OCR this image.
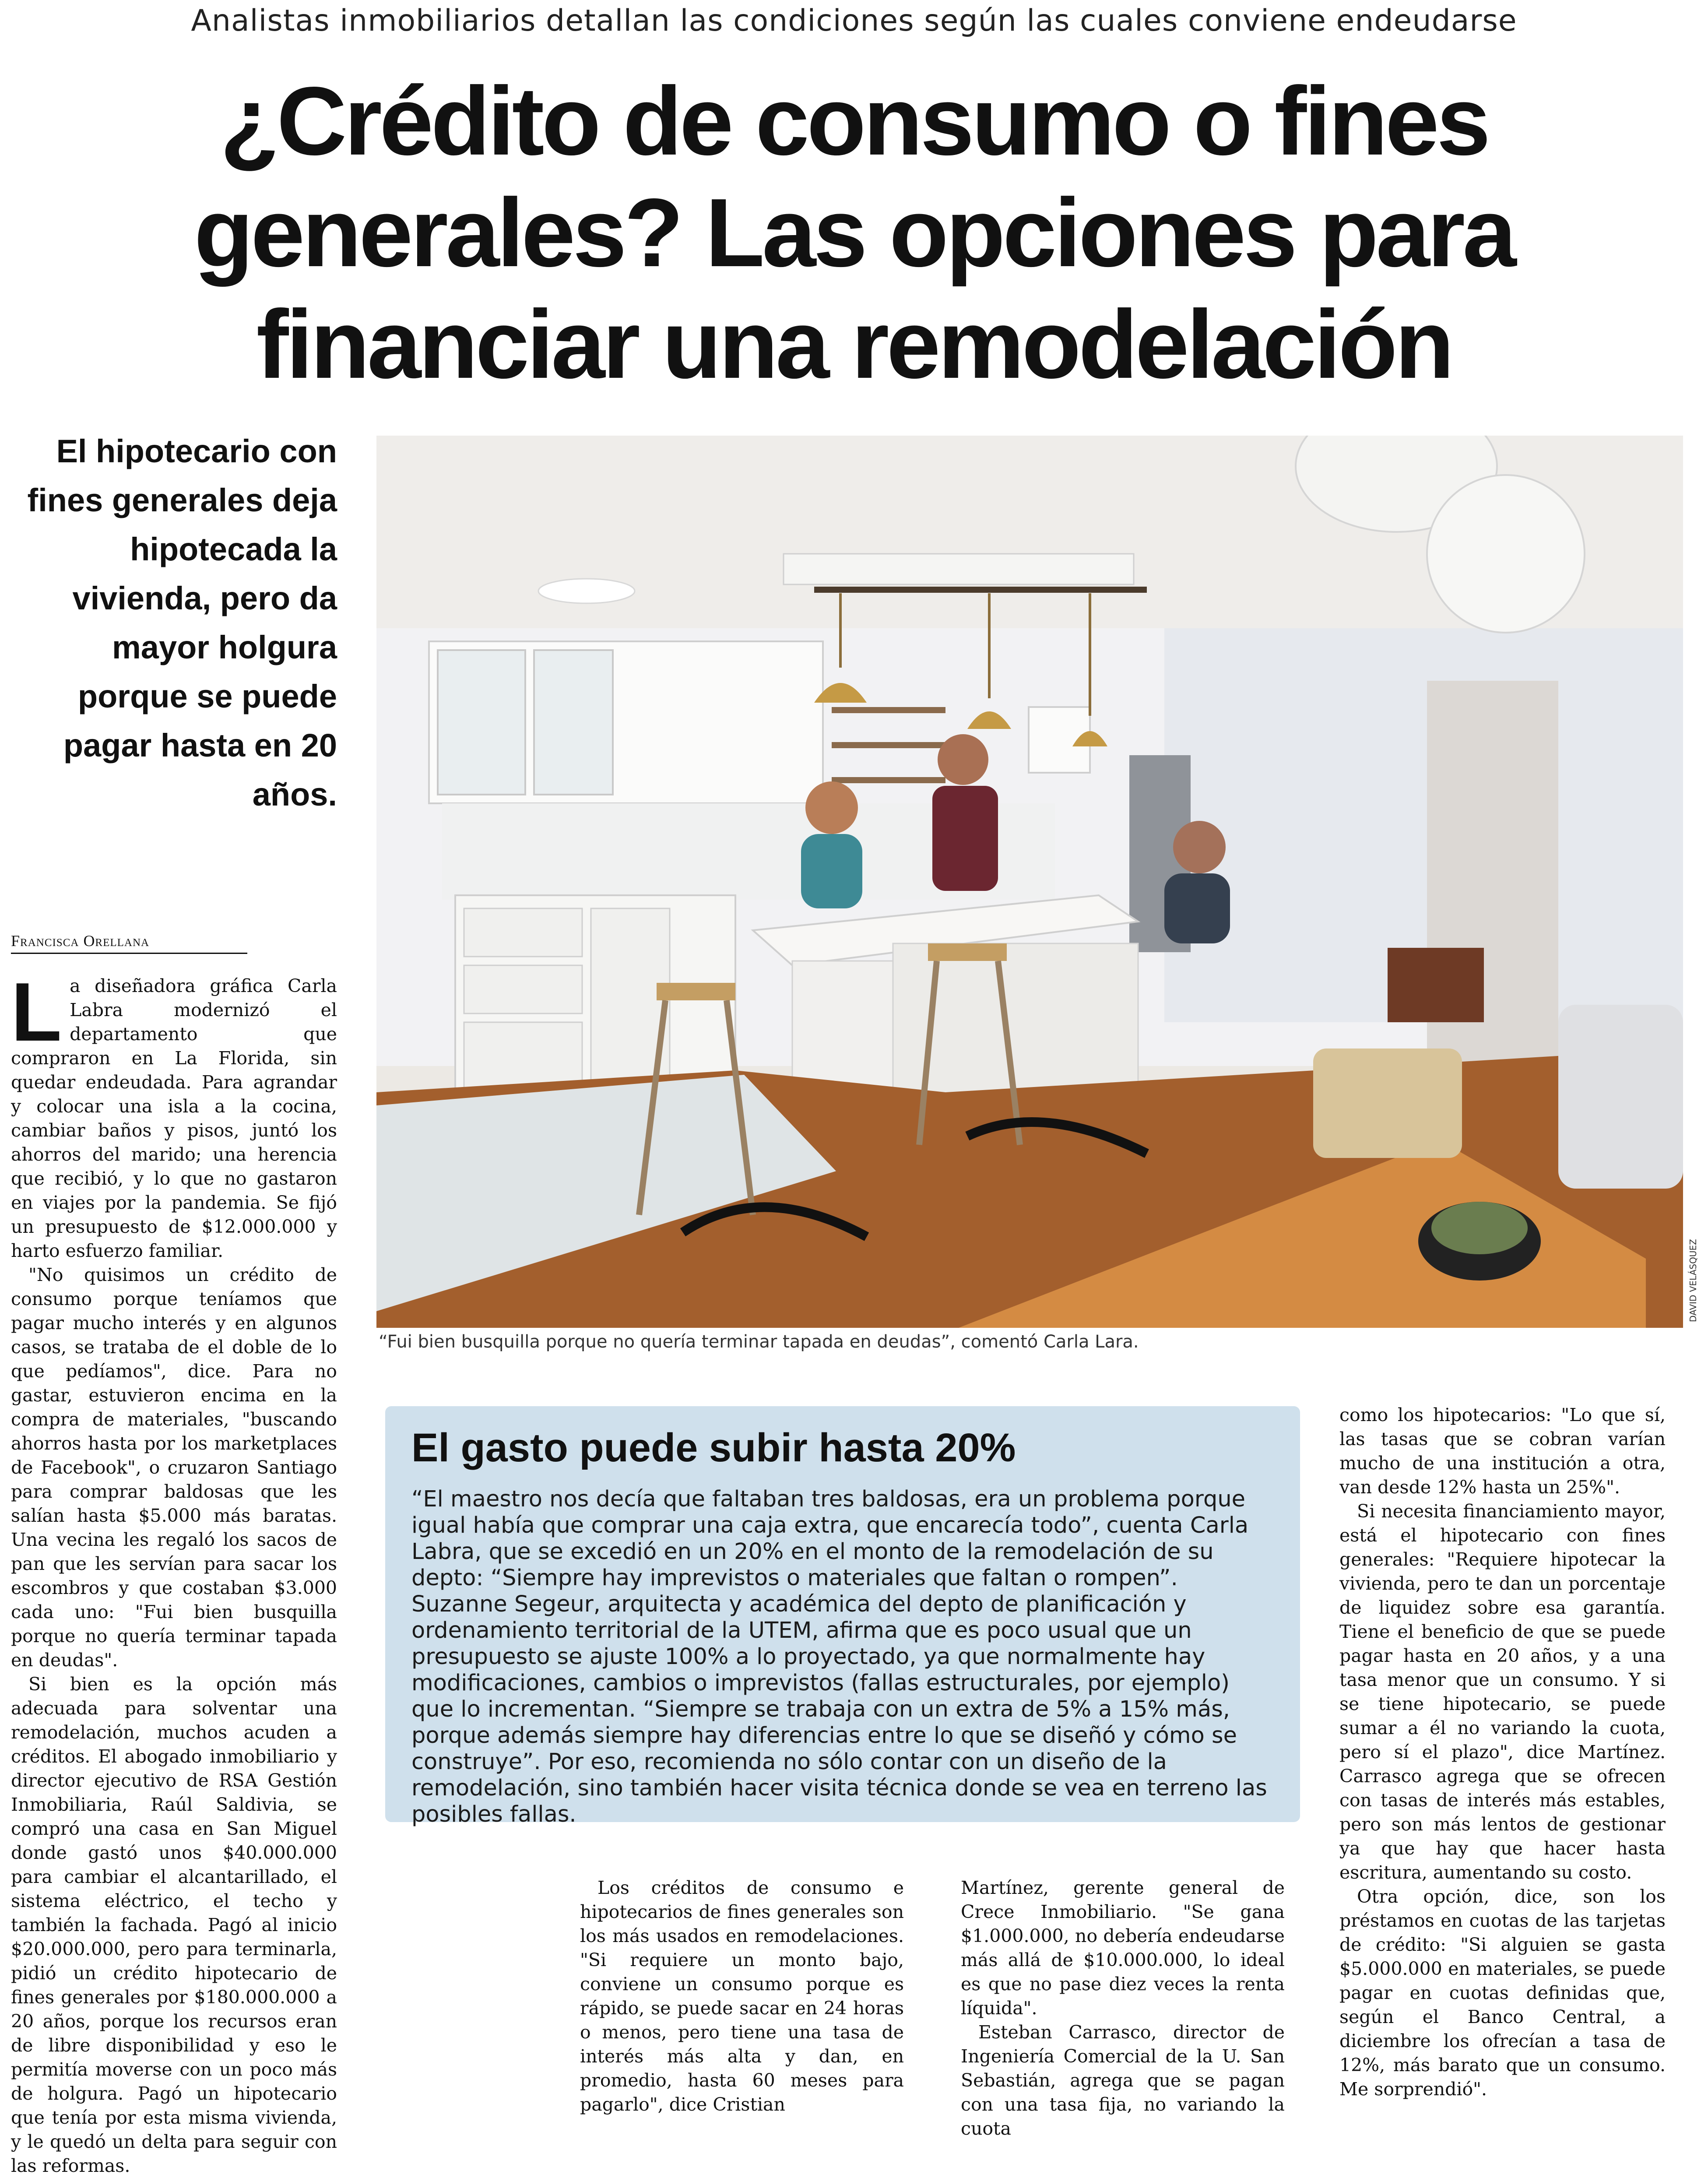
Analistas inmobiliarios detallan las condiciones según las cuales conviene endeudarse
¿Crédito de consumo o fines generales? Las opciones para financiar una remodelación
El hipotecario con fines generales deja hipotecada la vivienda, pero da mayor holgura porque se puede pagar hasta en 20 años.
DAVID VELÁSQUEZ
“Fui bien busquilla porque no quería terminar tapada en deudas”, comentó Carla Lara.
Francisca Orellana

La diseñadora gráfica Carla Labra modernizó el departamento que compraron en La Florida, sin quedar endeudada. Para agrandar y colocar una isla a la cocina, cambiar baños y pisos, juntó los ahorros del marido; una herencia que recibió, y lo que no gastaron en viajes por la pandemia. Se fijó un presupuesto de $12.000.000 y harto esfuerzo familiar.

"No quisimos un crédito de consumo porque teníamos que pagar mucho interés y en algunos casos, se trataba de el doble de lo que pedíamos", dice. Para no gastar, estuvieron encima en la compra de materiales, "buscando ahorros hasta por los marketplaces de Facebook", o cruzaron Santiago para comprar baldosas que les salían hasta $5.000 más baratas. Una vecina les regaló los sacos de pan que les servían para sacar los escombros y que costaban $3.000 cada uno: "Fui bien busquilla porque no quería terminar tapada en deudas".

Si bien es la opción más adecuada para solventar una remodelación, muchos acuden a créditos. El abogado inmobiliario y director ejecutivo de RSA Gestión Inmobiliaria, Raúl Saldivia, se compró una casa en San Miguel donde gastó unos $40.000.000 para cambiar el alcantarillado, el sistema eléctrico, el techo y también la fachada. Pagó al inicio $20.000.000, pero para terminarla, pidió un crédito hipotecario de fines generales por $180.000.000 a 20 años, porque los recursos eran de libre disponibilidad y eso le permitía moverse con un poco más de holgura. Pagó un hipotecario que tenía por esta misma vivienda, y le quedó un delta para seguir con las reformas.

El gasto puede subir hasta 20%

“El maestro nos decía que faltaban tres baldosas, era un problema porque igual había que comprar una caja extra, que encarecía todo”, cuenta Carla Labra, que se excedió en un 20% en el monto de la remodelación de su depto: “Siempre hay imprevistos o materiales que faltan o rompen”.

Suzanne Segeur, arquitecta y académica del depto de planificación y ordenamiento territorial de la UTEM, afirma que es poco usual que un presupuesto se ajuste 100% a lo proyectado, ya que normalmente hay modificaciones, cambios o imprevistos (fallas estructurales, por ejemplo) que lo incrementan. “Siempre se trabaja con un extra de 5% a 15% más, porque además siempre hay diferencias entre lo que se diseñó y cómo se construye”. Por eso, recomienda no sólo contar con un diseño de la remodelación, sino también hacer visita técnica donde se vea en terreno las posibles fallas.

Los créditos de consumo e hipotecarios de fines generales son los más usados en remodelaciones. "Si requiere un monto bajo, conviene un consumo porque es rápido, se puede sacar en 24 horas o menos, pero tiene una tasa de interés más alta y dan, en promedio, hasta 60 meses para pagarlo", dice Cristian

Martínez, gerente general de Crece Inmobiliario. "Se gana $1.000.000, no debería endeudarse más allá de $10.000.000, lo ideal es que no pase diez veces la renta líquida".

Esteban Carrasco, director de Ingeniería Comercial de la U. San Sebastián, agrega que se pagan con una tasa fija, no variando la cuota

como los hipotecarios: "Lo que sí, las tasas que se cobran varían mucho de una institución a otra, van desde 12% hasta un 25%".

Si necesita financiamiento mayor, está el hipotecario con fines generales: "Requiere hipotecar la vivienda, pero te dan un porcentaje de liquidez sobre esa garantía. Tiene el beneficio de que se puede pagar hasta en 20 años, y a una tasa menor que un consumo. Y si se tiene hipotecario, se puede sumar a él no variando la cuota, pero sí el plazo", dice Martínez. Carrasco agrega que se ofrecen con tasas de interés más estables, pero son más lentos de gestionar ya que hay que hacer hasta escritura, aumentando su costo.

Otra opción, dice, son los préstamos en cuotas de las tarjetas de crédito: "Si alguien se gasta $5.000.000 en materiales, se puede pagar en cuotas definidas que, según el Banco Central, a diciembre los ofrecían a tasa de 12%, más barato que un consumo. Me sorprendió".
